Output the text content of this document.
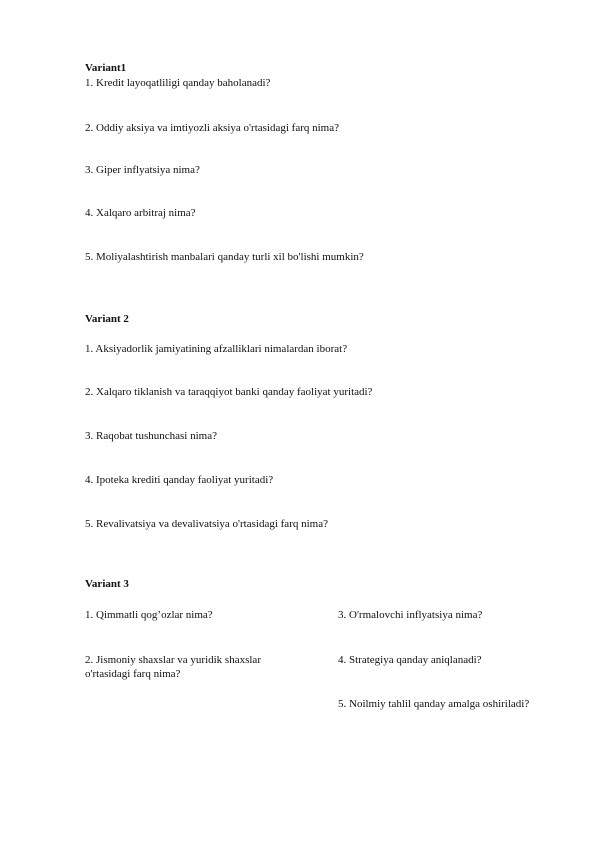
Variant1
1. Kredit layoqatliligi qanday baholanadi?
2. Oddiy aksiya va imtiyozli aksiya o'rtasidagi farq nima?
3. Giper inflyatsiya nima?
4. Xalqaro arbitraj nima?
5. Moliyalashtirish manbalari qanday turli xil bo'lishi mumkin?
Variant 2
1. Aksiyadorlik jamiyatining afzalliklari nimalardan iborat?
2. Xalqaro tiklanish va taraqqiyot banki qanday faoliyat yuritadi?
3. Raqobat tushunchasi nima?
4. Ipoteka krediti qanday faoliyat yuritadi?
5. Revalivatsiya va devalivatsiya o'rtasidagi farq nima?
Variant 3
1. Qimmatli qog’ozlar nima?
2. Jismoniy shaxslar va yuridik shaxslar
o'rtasidagi farq nima?
3. O'rmalovchi inflyatsiya nima?
4. Strategiya qanday aniqlanadi?
5. Noilmiy tahlil qanday amalga oshiriladi?
